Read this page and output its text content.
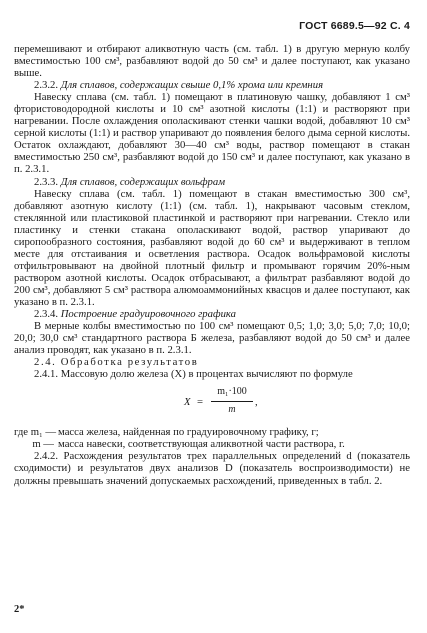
ГОСТ 6689.5—92 С. 4

перемешивают и отбирают аликвотную часть (см. табл. 1) в другую мерную колбу вместимостью 100 см³, разбавляют водой до 50 см³ и далее поступают, как указано выше.

2.3.2. Для сплавов, содержащих свыше 0,1% хрома или кремния

Навеску сплава (см. табл. 1) помещают в платиновую чашку, добавляют 1 см³ фтористоводородной кислоты и 10 см³ азотной кислоты (1:1) и растворяют при нагревании. После охлаждения ополаскивают стенки чашки водой, добавляют 10 см³ серной кислоты (1:1) и раствор упаривают до появления белого дыма серной кислоты. Остаток охлаждают, добавляют 30—40 см³ воды, раствор помещают в стакан вместимостью 250 см³, разбавляют водой до 150 см³ и далее поступают, как указано в п. 2.3.1.

2.3.3. Для сплавов, содержащих вольфрам

Навеску сплава (см. табл. 1) помещают в стакан вместимостью 300 см³, добавляют азотную кислоту (1:1) (см. табл. 1), накрывают часовым стеклом, стеклянной или пластиковой пластинкой и растворяют при нагревании. Стекло или пластинку и стенки стакана ополаскивают водой, раствор упаривают до сиропообразного состояния, разбавляют водой до 60 см³ и выдерживают в теплом месте для отстаивания и осветления раствора. Осадок вольфрамовой кислоты отфильтровывают на двойной плотный фильтр и промывают горячим 20%-ным раствором азотной кислоты. Осадок отбрасывают, а фильтрат разбавляют водой до 200 см³, добавляют 5 см³ раствора алюмоаммонийных квасцов и далее поступают, как указано в п. 2.3.1.

2.3.4. Построение градуировочного графика

В мерные колбы вместимостью по 100 см³ помещают 0,5; 1,0; 3,0; 5,0; 7,0; 10,0; 20,0; 30,0 см³ стандартного раствора Б железа, разбавляют водой до 50 см³ и далее анализ проводят, как указано в п. 2.3.1.

2.4. Обработка результатов

2.4.1. Массовую долю железа (X) в процентах вычисляют по формуле

X =
m₁·100
m
,
где m₁ — масса железа, найденная по градуировочному графику, г;
m — масса навески, соответствующая аликвотной части раствора, г.

2.4.2. Расхождения результатов трех параллельных определений d (показатель сходимости) и результатов двух анализов D (показатель воспроизводимости) не должны превышать значений допускаемых расхождений, приведенных в табл. 2.

2*
